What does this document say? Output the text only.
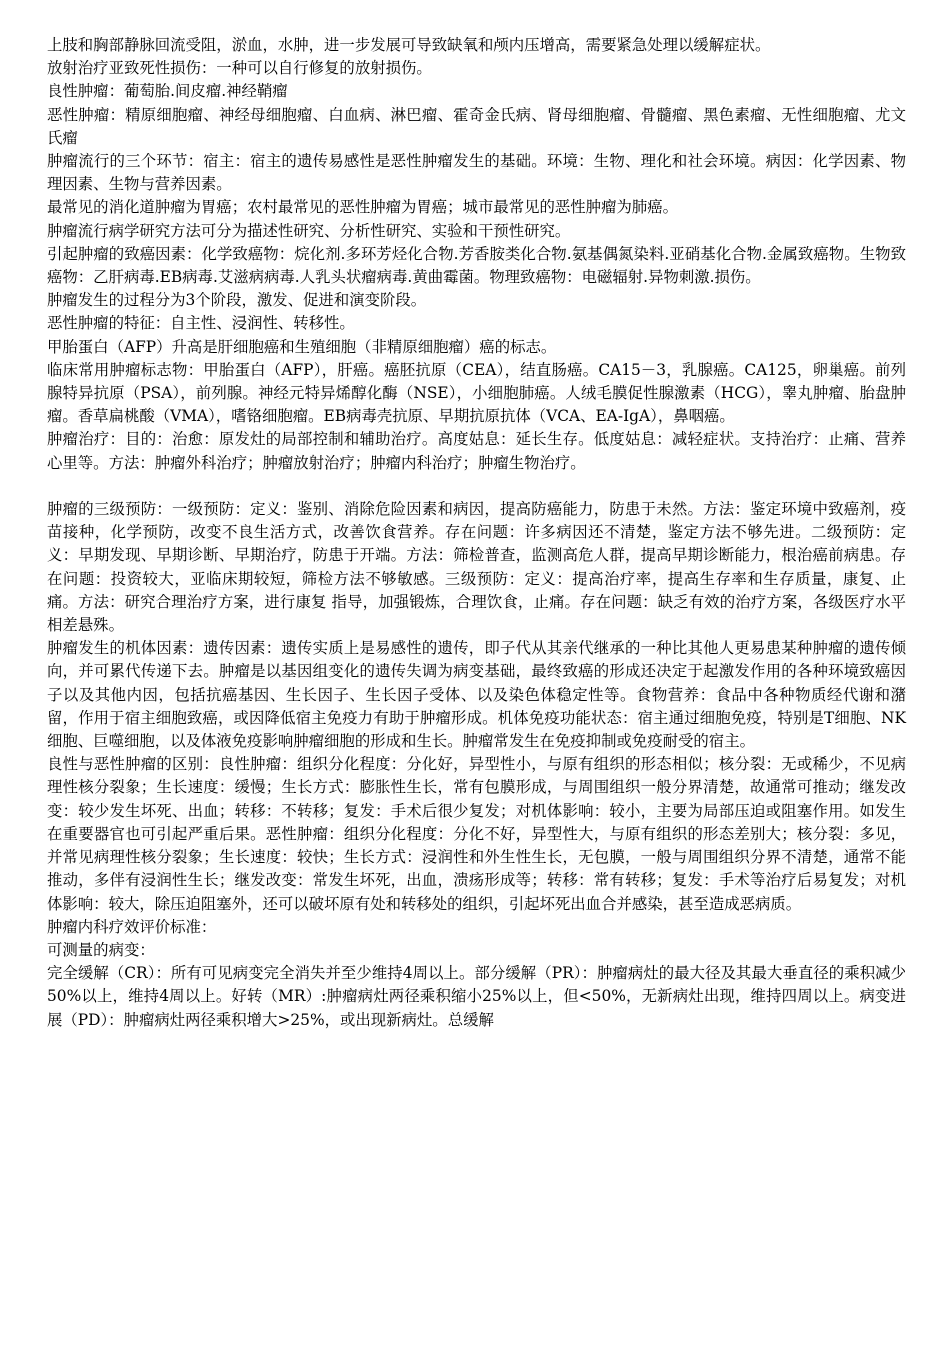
上肢和胸部静脉回流受阻，淤血，水肿，进一步发展可导致缺氧和颅内压增高，需要紧急处理以缓解症状。

放射治疗亚致死性损伤：一种可以自行修复的放射损伤。

良性肿瘤：葡萄胎.间皮瘤.神经鞘瘤

恶性肿瘤：精原细胞瘤、神经母细胞瘤、白血病、淋巴瘤、霍奇金氏病、肾母细胞瘤、骨髓瘤、黑色素瘤、无性细胞瘤、尤文氏瘤

肿瘤流行的三个环节：宿主：宿主的遗传易感性是恶性肿瘤发生的基础。环境：生物、理化和社会环境。病因：化学因素、物理因素、生物与营养因素。

最常见的消化道肿瘤为胃癌；农村最常见的恶性肿瘤为胃癌；城市最常见的恶性肿瘤为肺癌。

肿瘤流行病学研究方法可分为描述性研究、分析性研究、实验和干预性研究。

引起肿瘤的致癌因素：化学致癌物：烷化剂.多环芳烃化合物.芳香胺类化合物.氨基偶氮染料.亚硝基化合物.金属致癌物。生物致癌物：乙肝病毒.EB病毒.艾滋病病毒.人乳头状瘤病毒.黄曲霉菌。物理致癌物：电磁辐射.异物刺激.损伤。

肿瘤发生的过程分为3个阶段，激发、促进和演变阶段。

恶性肿瘤的特征：自主性、浸润性、转移性。

甲胎蛋白（AFP）升高是肝细胞癌和生殖细胞（非精原细胞瘤）癌的标志。

临床常用肿瘤标志物：甲胎蛋白（AFP），肝癌。癌胚抗原（CEA），结直肠癌。CA15－3，乳腺癌。CA125，卵巢癌。前列腺特异抗原（PSA），前列腺。神经元特异烯醇化酶（NSE），小细胞肺癌。人绒毛膜促性腺激素（HCG），睾丸肿瘤、胎盘肿瘤。香草扁桃酸（VMA），嗜铬细胞瘤。EB病毒壳抗原、早期抗原抗体（VCA、EA-IgA），鼻咽癌。

肿瘤治疗：目的：治愈：原发灶的局部控制和辅助治疗。高度姑息：延长生存。低度姑息：减轻症状。支持治疗：止痛、营养心里等。方法：肿瘤外科治疗；肿瘤放射治疗；肿瘤内科治疗；肿瘤生物治疗。

肿瘤的三级预防：一级预防：定义：鉴别、消除危险因素和病因，提高防癌能力，防患于未然。方法：鉴定环境中致癌剂，疫苗接种，化学预防，改变不良生活方式，改善饮食营养。存在问题：许多病因还不清楚，鉴定方法不够先进。二级预防：定义：早期发现、早期诊断、早期治疗，防患于开端。方法：筛检普查，监测高危人群，提高早期诊断能力，根治癌前病患。存在问题：投资较大，亚临床期较短，筛检方法不够敏感。三级预防：定义：提高治疗率，提高生存率和生存质量，康复、止痛。方法：研究合理治疗方案，进行康复 指导，加强锻炼，合理饮食，止痛。存在问题：缺乏有效的治疗方案，各级医疗水平相差悬殊。

肿瘤发生的机体因素：遗传因素：遗传实质上是易感性的遗传，即子代从其亲代继承的一种比其他人更易患某种肿瘤的遗传倾向，并可累代传递下去。肿瘤是以基因组变化的遗传失调为病变基础，最终致癌的形成还决定于起激发作用的各种环境致癌因子以及其他内因，包括抗癌基因、生长因子、生长因子受体、以及染色体稳定性等。食物营养：食品中各种物质经代谢和潴留，作用于宿主细胞致癌，或因降低宿主免疫力有助于肿瘤形成。机体免疫功能状态：宿主通过细胞免疫，特别是T细胞、NK细胞、巨噬细胞，以及体液免疫影响肿瘤细胞的形成和生长。肿瘤常发生在免疫抑制或免疫耐受的宿主。

良性与恶性肿瘤的区别：良性肿瘤：组织分化程度：分化好，异型性小，与原有组织的形态相似；核分裂：无或稀少，不见病理性核分裂象；生长速度：缓慢；生长方式：膨胀性生长，常有包膜形成，与周围组织一般分界清楚，故通常可推动；继发改变：较少发生坏死、出血；转移：不转移；复发：手术后很少复发；对机体影响：较小，主要为局部压迫或阻塞作用。如发生在重要器官也可引起严重后果。恶性肿瘤：组织分化程度：分化不好，异型性大，与原有组织的形态差别大；核分裂：多见，并常见病理性核分裂象；生长速度：较快；生长方式：浸润性和外生性生长，无包膜，一般与周围组织分界不清楚，通常不能推动，多伴有浸润性生长；继发改变：常发生坏死，出血，溃疡形成等；转移：常有转移；复发：手术等治疗后易复发；对机体影响：较大，除压迫阻塞外，还可以破坏原有处和转移处的组织，引起坏死出血合并感染，甚至造成恶病质。

肿瘤内科疗效评价标准：

可测量的病变：

完全缓解（CR）：所有可见病变完全消失并至少维持4周以上。部分缓解（PR）：肿瘤病灶的最大径及其最大垂直径的乘积减少50%以上，维持4周以上。好转（MR）:肿瘤病灶两径乘积缩小25%以上，但<50%，无新病灶出现，维持四周以上。病变进展（PD）：肿瘤病灶两径乘积增大>25%，或出现新病灶。总缓解
